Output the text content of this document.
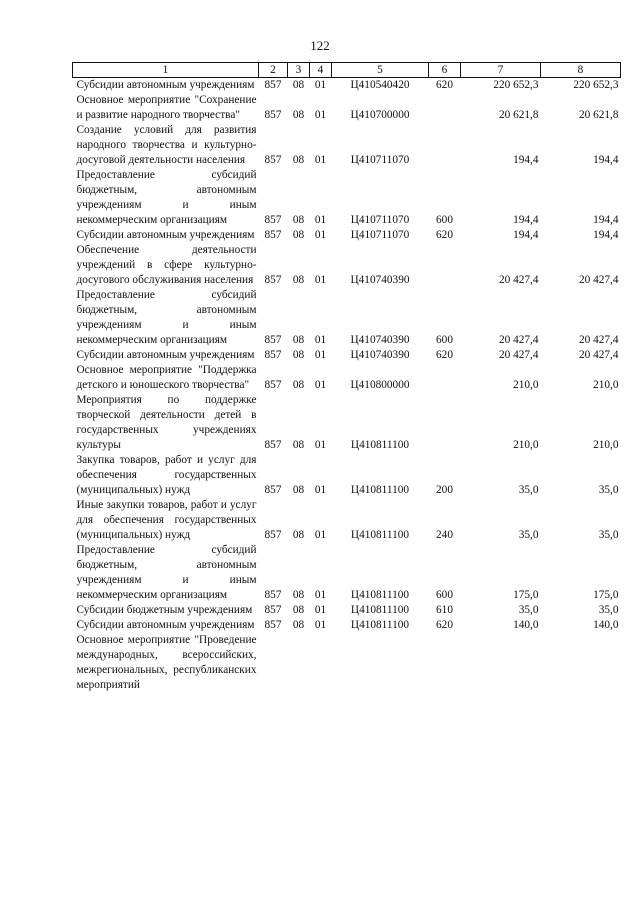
122
1	2	3	4	5	6	7	8
Субсидии автономным учреждениям	857	08	01	Ц410540420	620	220 652,3	220 652,3
Основное мероприятие "Сохранение и развитие народного творчества"	857	08	01	Ц410700000		20 621,8	20 621,8
Создание условий для развития народного творчества и культурно-досуговой деятельности населения	857	08	01	Ц410711070		194,4	194,4
Предоставление субсидий бюджетным, автономным учреждениям и иным некоммерческим организациям	857	08	01	Ц410711070	600	194,4	194,4
Субсидии автономным учреждениям	857	08	01	Ц410711070	620	194,4	194,4
Обеспечение деятельности учреждений в сфере культурно-досугового обслуживания населения	857	08	01	Ц410740390		20 427,4	20 427,4
Предоставление субсидий бюджетным, автономным учреждениям и иным некоммерческим организациям	857	08	01	Ц410740390	600	20 427,4	20 427,4
Субсидии автономным учреждениям	857	08	01	Ц410740390	620	20 427,4	20 427,4
Основное мероприятие "Поддержка детского и юношеского творчества"	857	08	01	Ц410800000		210,0	210,0
Мероприятия по поддержке творческой деятельности детей в государственных учреждениях культуры	857	08	01	Ц410811100		210,0	210,0
Закупка товаров, работ и услуг для обеспечения государственных (муниципальных) нужд	857	08	01	Ц410811100	200	35,0	35,0
Иные закупки товаров, работ и услуг для обеспечения государственных (муниципальных) нужд	857	08	01	Ц410811100	240	35,0	35,0
Предоставление субсидий бюджетным, автономным учреждениям и иным некоммерческим организациям	857	08	01	Ц410811100	600	175,0	175,0
Субсидии бюджетным учреждениям	857	08	01	Ц410811100	610	35,0	35,0
Субсидии автономным учреждениям	857	08	01	Ц410811100	620	140,0	140,0
Основное мероприятие "Проведение международных, всероссийских, межрегиональных, республиканских мероприятий							
